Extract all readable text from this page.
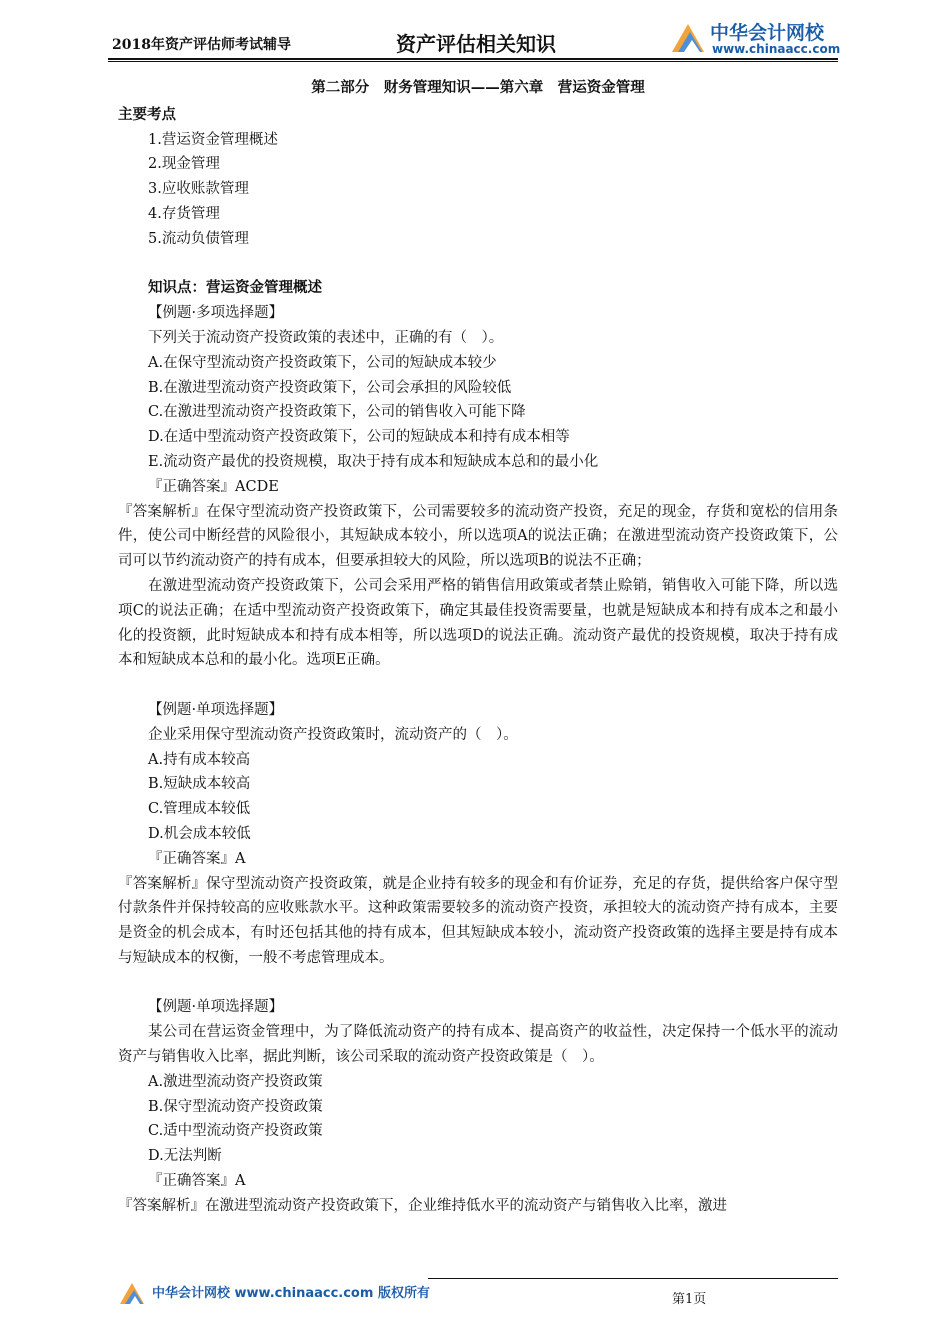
2018年资产评估师考试辅导	资产评估相关知识	中华会计网校
www.chinaacc.com

第二部分　财务管理知识——第六章　营运资金管理

主要考点

1.营运资金管理概述

2.现金管理

3.应收账款管理

4.存货管理

5.流动负债管理

知识点：营运资金管理概述

【例题·多项选择题】

下列关于流动资产投资政策的表述中，正确的有（　）。

A.在保守型流动资产投资政策下，公司的短缺成本较少

B.在激进型流动资产投资政策下，公司会承担的风险较低

C.在激进型流动资产投资政策下，公司的销售收入可能下降

D.在适中型流动资产投资政策下，公司的短缺成本和持有成本相等

E.流动资产最优的投资规模，取决于持有成本和短缺成本总和的最小化

『正确答案』ACDE

『答案解析』在保守型流动资产投资政策下，公司需要较多的流动资产投资，充足的现金，存货和宽松的信用条件，使公司中断经营的风险很小，其短缺成本较小，所以选项A的说法正确；在激进型流动资产投资政策下，公司可以节约流动资产的持有成本，但要承担较大的风险，所以选项B的说法不正确；

在激进型流动资产投资政策下，公司会采用严格的销售信用政策或者禁止赊销，销售收入可能下降，所以选项C的说法正确；在适中型流动资产投资政策下，确定其最佳投资需要量，也就是短缺成本和持有成本之和最小化的投资额，此时短缺成本和持有成本相等，所以选项D的说法正确。流动资产最优的投资规模，取决于持有成本和短缺成本总和的最小化。选项E正确。

【例题·单项选择题】

企业采用保守型流动资产投资政策时，流动资产的（　）。

A.持有成本较高

B.短缺成本较高

C.管理成本较低

D.机会成本较低

『正确答案』A

『答案解析』保守型流动资产投资政策，就是企业持有较多的现金和有价证券，充足的存货，提供给客户保守型付款条件并保持较高的应收账款水平。这种政策需要较多的流动资产投资，承担较大的流动资产持有成本，主要是资金的机会成本，有时还包括其他的持有成本，但其短缺成本较小，流动资产投资政策的选择主要是持有成本与短缺成本的权衡，一般不考虑管理成本。

【例题·单项选择题】

某公司在营运资金管理中，为了降低流动资产的持有成本、提高资产的收益性，决定保持一个低水平的流动资产与销售收入比率，据此判断，该公司采取的流动资产投资政策是（　）。

A.激进型流动资产投资政策

B.保守型流动资产投资政策

C.适中型流动资产投资政策

D.无法判断

『正确答案』A

『答案解析』在激进型流动资产投资政策下，企业维持低水平的流动资产与销售收入比率，激进

中华会计网校 www.chinaacc.com 版权所有	第1页
